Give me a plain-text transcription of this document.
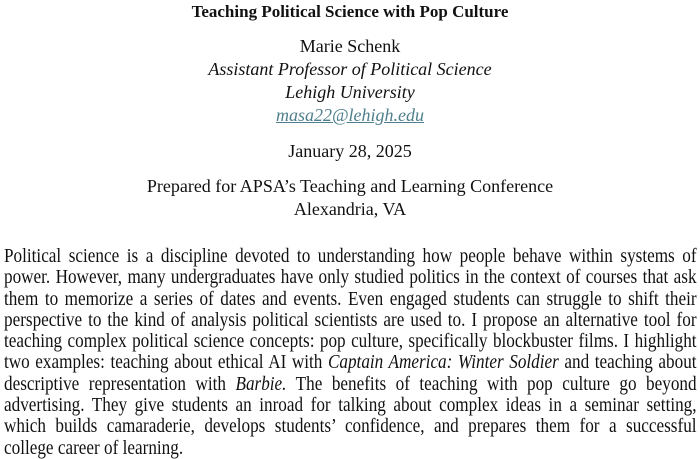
Teaching Political Science with Pop Culture
Marie Schenk
Assistant Professor of Political Science
Lehigh University
masa22@lehigh.edu
January 28, 2025
Prepared for APSA’s Teaching and Learning Conference
Alexandria, VA
Political science is a discipline devoted to understanding how people behave within systems of
power. However, many undergraduates have only studied politics in the context of courses that ask
them to memorize a series of dates and events. Even engaged students can struggle to shift their
perspective to the kind of analysis political scientists are used to. I propose an alternative tool for
teaching complex political science concepts: pop culture, specifically blockbuster films. I highlight
two examples: teaching about ethical AI with Captain America: Winter Soldier and teaching about
descriptive representation with Barbie. The benefits of teaching with pop culture go beyond
advertising. They give students an inroad for talking about complex ideas in a seminar setting,
which builds camaraderie, develops students’ confidence, and prepares them for a successful
college career of learning.
